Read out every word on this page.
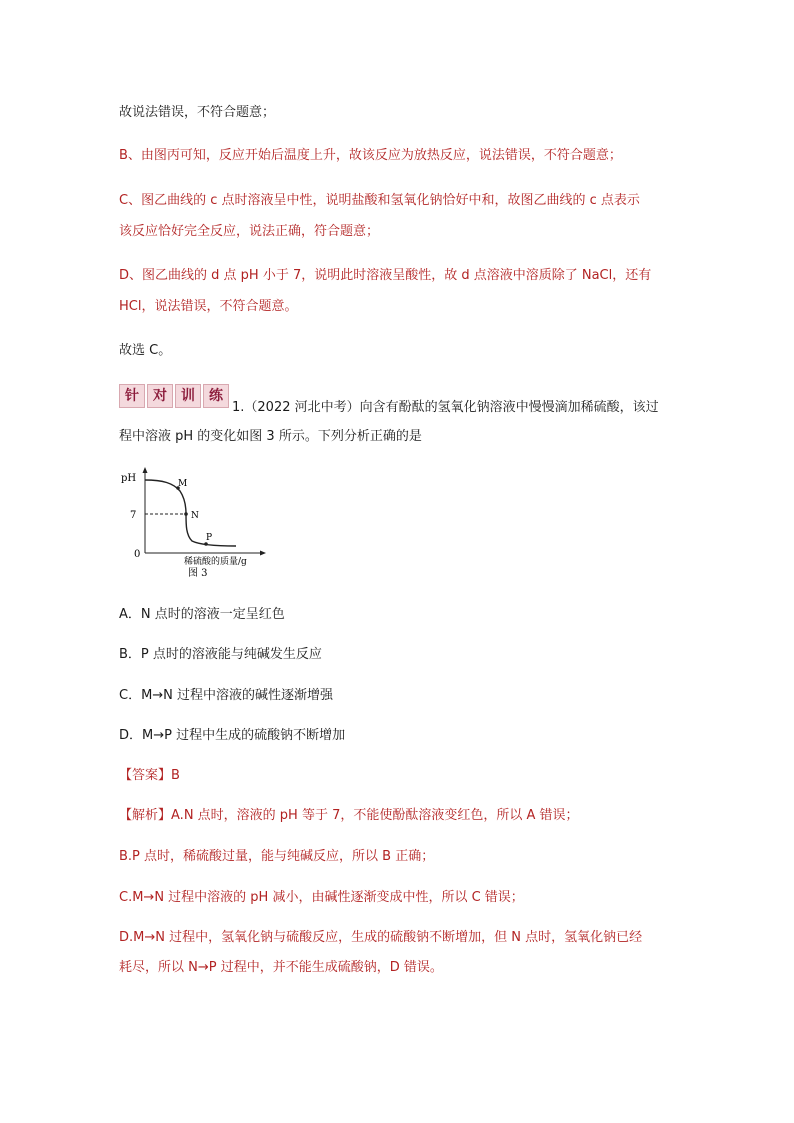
故说法错误，不符合题意；
B、由图丙可知，反应开始后温度上升，故该反应为放热反应，说法错误，不符合题意；
C、图乙曲线的 c 点时溶液呈中性，说明盐酸和氢氧化钠恰好中和，故图乙曲线的 c 点表示
该反应恰好完全反应，说法正确，符合题意；
D、图乙曲线的 d 点 pH 小于 7，说明此时溶液呈酸性，故 d 点溶液中溶质除了 NaCl，还有
HCl，说法错误，不符合题意。
故选 C。
针	对	训	练
1.（2022 河北中考）向含有酚酞的氢氧化钠溶液中慢慢滴加稀硫酸，该过
程中溶液 pH 的变化如图 3 所示。下列分析正确的是
pH
7
0
M
N
P
稀硫酸的质量/g
图 3
A．N 点时的溶液一定呈红色
B．P 点时的溶液能与纯碱发生反应
C．M→N 过程中溶液的碱性逐渐增强
D．M→P 过程中生成的硫酸钠不断增加
【答案】B
【解析】A.N 点时，溶液的 pH 等于 7，不能使酚酞溶液变红色，所以 A 错误；
B.P 点时，稀硫酸过量，能与纯碱反应，所以 B 正确；
C.M→N 过程中溶液的 pH 减小，由碱性逐渐变成中性，所以 C 错误；
D.M→N 过程中，氢氧化钠与硫酸反应，生成的硫酸钠不断增加，但 N 点时，氢氧化钠已经
耗尽，所以 N→P 过程中，并不能生成硫酸钠，D 错误。
